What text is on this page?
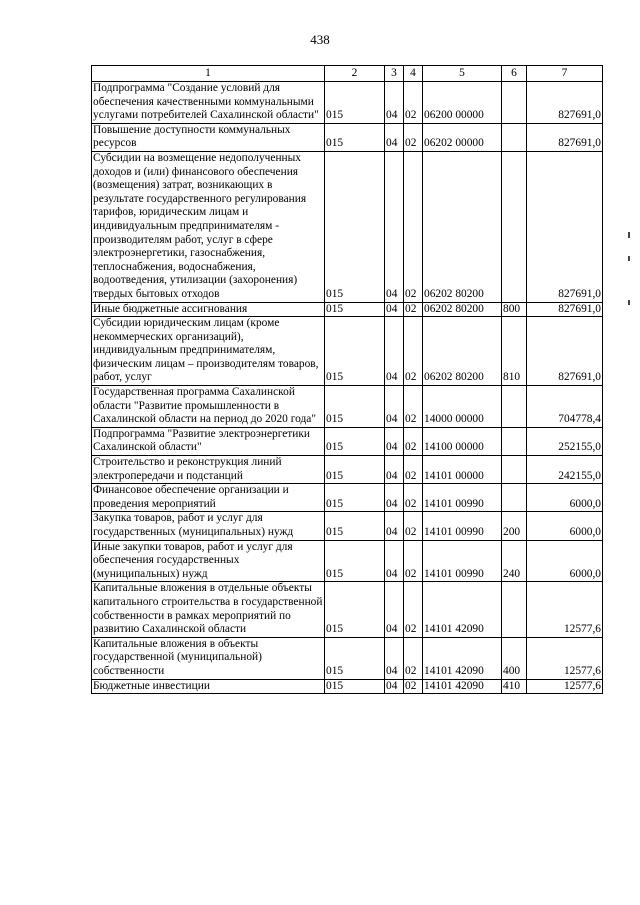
438
1	2	3	4	5	6	7
Подпрограмма "Создание условий для обеспечения качественными коммунальными услугами потребителей Сахалинской области"	015	04	02	06200 00000		827691,0
Повышение доступности коммунальных ресурсов	015	04	02	06202 00000		827691,0
Субсидии на возмещение недополученных доходов и (или) финансового обеспечения (возмещения) затрат, возникающих в результате государственного регулирования тарифов, юридическим лицам и индивидуальным предпринимателям - производителям работ, услуг в сфере электроэнергетики, газоснабжения, теплоснабжения, водоснабжения, водоотведения, утилизации (захоронения) твердых бытовых отходов	015	04	02	06202 80200		827691,0
Иные бюджетные ассигнования	015	04	02	06202 80200	800	827691,0
Субсидии юридическим лицам (кроме некоммерческих организаций), индивидуальным предпринимателям, физическим лицам – производителям товаров, работ, услуг	015	04	02	06202 80200	810	827691,0
Государственная программа Сахалинской области "Развитие промышленности в Сахалинской области на период до 2020 года"	015	04	02	14000 00000		704778,4
Подпрограмма "Развитие электроэнергетики Сахалинской области"	015	04	02	14100 00000		252155,0
Строительство и реконструкция линий электропередачи и подстанций	015	04	02	14101 00000		242155,0
Финансовое обеспечение организации и проведения мероприятий	015	04	02	14101 00990		6000,0
Закупка товаров, работ и услуг для государственных (муниципальных) нужд	015	04	02	14101 00990	200	6000,0
Иные закупки товаров, работ и услуг для обеспечения государственных (муниципальных) нужд	015	04	02	14101 00990	240	6000,0
Капитальные вложения в отдельные объекты капитального строительства в государственной собственности в рамках мероприятий по развитию Сахалинской области	015	04	02	14101 42090		12577,6
Капитальные вложения в объекты государственной (муниципальной) собственности	015	04	02	14101 42090	400	12577,6
Бюджетные инвестиции	015	04	02	14101 42090	410	12577,6
